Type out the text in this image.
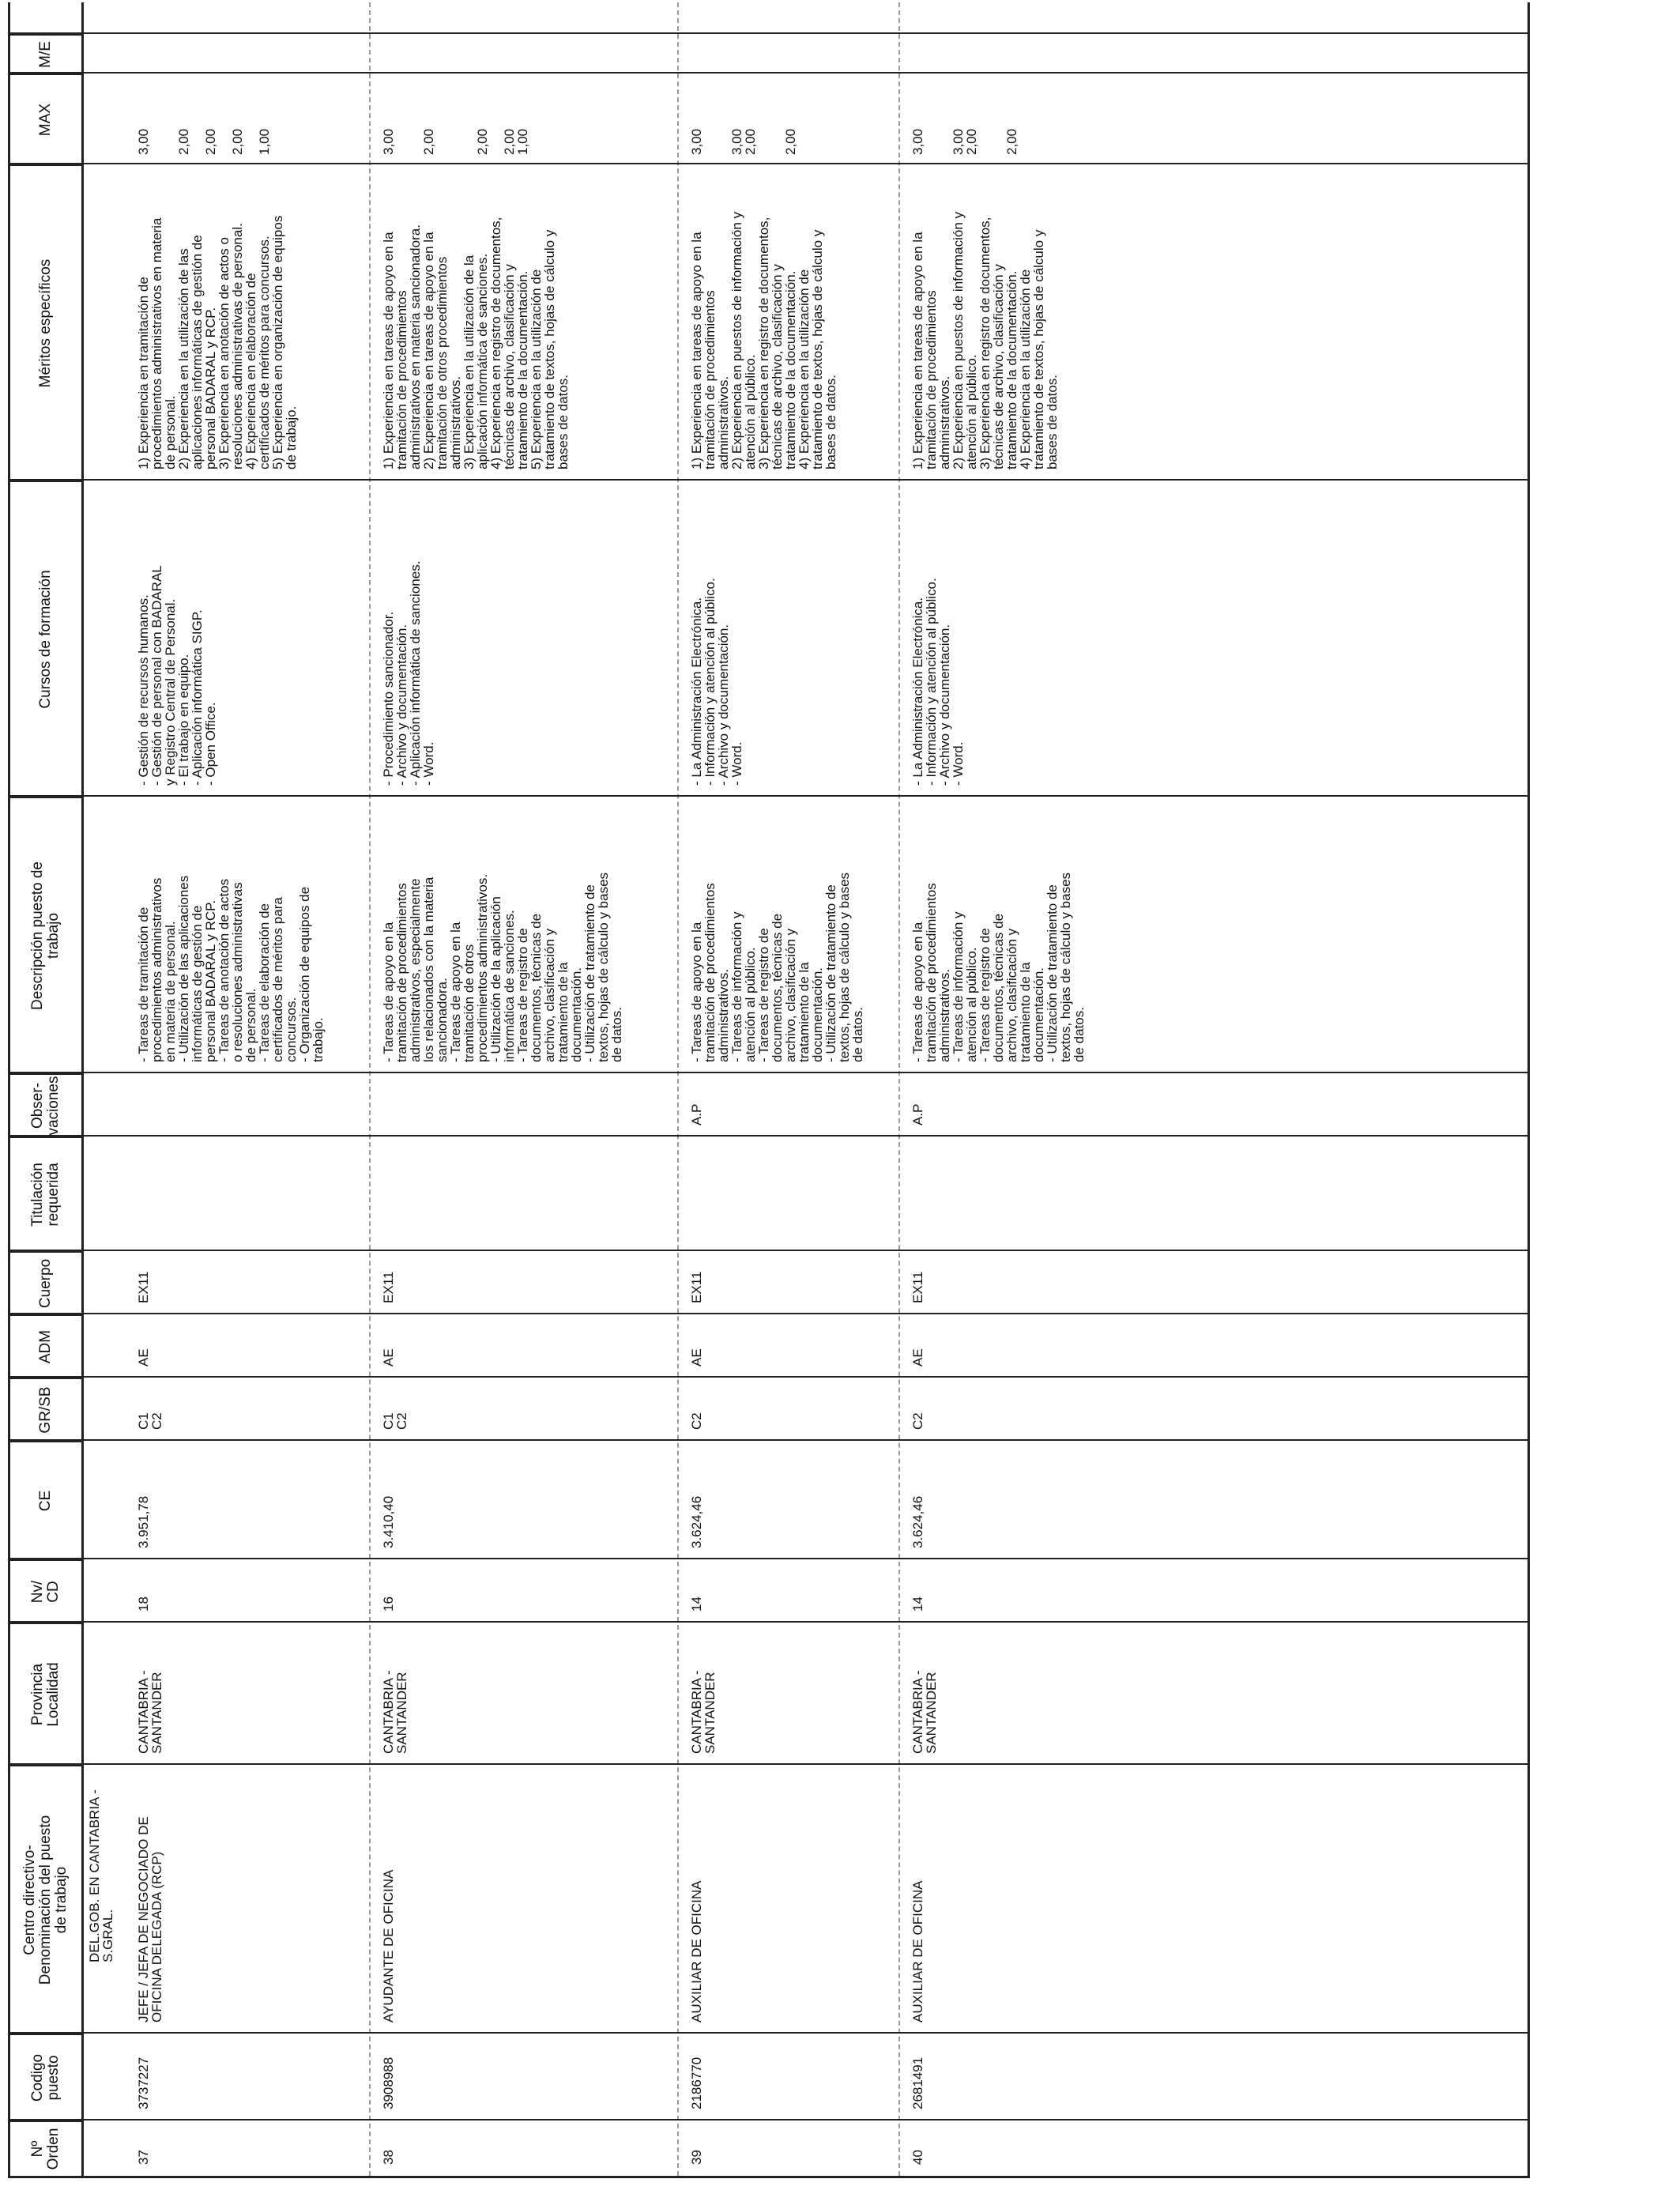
Nº
Orden
Codigo
puesto
Centro directivo-
Denominación del puesto
de trabajo
Provincia
Localidad
Nv/
CD
CE
GR/SB
ADM
Cuerpo
Titulación
requerida
Obser-
vaciones
Descripción puesto de
trabajo
Cursos de formación
Méritos específicos
MAX
M/E
DEL.GOB. EN CANTABRIA -
S.GRAL.
37
3737227
JEFE / JEFA DE NEGOCIADO DE
OFICINA DELEGADA (RCP)
CANTABRIA -
SANTANDER
18
3.951,78
C1
C2
AE
EX11
- Tareas de tramitación de
procedimientos administrativos
en materia de personal.
- Utilización de las aplicaciones
informáticas de gestión de
personal BADARAL y RCP.
- Tareas de anotación de actos
o resoluciones administrativas
de personal.
- Tareas de elaboración de
certificados de méritos para
concursos.
- Organización de equipos de
trabajo.
- Gestión de recursos humanos.
- Gestión de personal con BADARAL
y Registro Central de Personal.
- El trabajo en equipo.
- Aplicación informática SIGP.
- Open Office.
1) Experiencia en tramitación de
procedimientos administrativos en materia
de personal.
2) Experiencia en la utilización de las
aplicaciones informáticas de gestión de
personal BADARAL y RCP.
3) Experiencia en anotación de actos o
resoluciones administrativas de personal.
4) Experiencia en elaboración de
certificados de méritos para concursos.
5) Experiencia en organización de equipos
de trabajo.
3,00 2,00 2,00 2,00 1,00
38
3908988
AYUDANTE DE OFICINA
CANTABRIA -
SANTANDER
16
3.410,40
C1
C2
AE
EX11
- Tareas de apoyo en la
tramitación de procedimientos
administrativos, especialmente
los relacionados con la materia
sancionadora.
- Tareas de apoyo en la
tramitación de otros
procedimientos administrativos.
- Utilización de la aplicación
informática de sanciones.
- Tareas de registro de
documentos, técnicas de
archivo, clasificación y
tratamiento de la
documentación.
- Utilización de tratamiento de
textos, hojas de cálculo y bases
de datos.
- Procedimiento sancionador.
- Archivo y documentación.
- Aplicación informática de sanciones.
- Word.
1) Experiencia en tareas de apoyo en la
tramitación de procedimientos
administrativos en materia sancionadora.
2) Experiencia en tareas de apoyo en la
tramitación de otros procedimientos
administrativos.
3) Experiencia en la utilización de la
aplicación informática de sanciones.
4) Experiencia en registro de documentos,
técnicas de archivo, clasificación y
tratamiento de la documentación.
5) Experiencia en la utilización de
tratamiento de textos, hojas de cálculo y
bases de datos.
3,00 2,00	2,00 2,00
1,00
39
2186770
AUXILIAR DE OFICINA
CANTABRIA -
SANTANDER
14
3.624,46
C2
AE
EX11
A.P
- Tareas de apoyo en la
tramitación de procedimientos
administrativos.
- Tareas de información y
atención al público.
- Tareas de registro de
documentos, técnicas de
archivo, clasificación y
tratamiento de la
documentación.
- Utilización de tratamiento de
textos, hojas de cálculo y bases
de datos.
- La Administración Electrónica.
- Información y atención al público.
- Archivo y documentación.
- Word.
1) Experiencia en tareas de apoyo en la
tramitación de procedimientos
administrativos.
2) Experiencia en puestos de información y
atención al público.
3) Experiencia en registro de documentos,
técnicas de archivo, clasificación y
tratamiento de la documentación.
4) Experiencia en la utilización de
tratamiento de textos, hojas de cálculo y
bases de datos.
3,00 3,00
2,00 2,00
40
2681491
AUXILIAR DE OFICINA
CANTABRIA -
SANTANDER
14
3.624,46
C2
AE
EX11
A.P
- Tareas de apoyo en la
tramitación de procedimientos
administrativos.
- Tareas de información y
atención al público.
- Tareas de registro de
documentos, técnicas de
archivo, clasificación y
tratamiento de la
documentación.
- Utilización de tratamiento de
textos, hojas de cálculo y bases
de datos.
- La Administración Electrónica.
- Información y atención al público.
- Archivo y documentación.
- Word.
1) Experiencia en tareas de apoyo en la
tramitación de procedimientos
administrativos.
2) Experiencia en puestos de información y
atención al público.
3) Experiencia en registro de documentos,
técnicas de archivo, clasificación y
tratamiento de la documentación.
4) Experiencia en la utilización de
tratamiento de textos, hojas de cálculo y
bases de datos.
3,00 3,00
2,00 2,00
